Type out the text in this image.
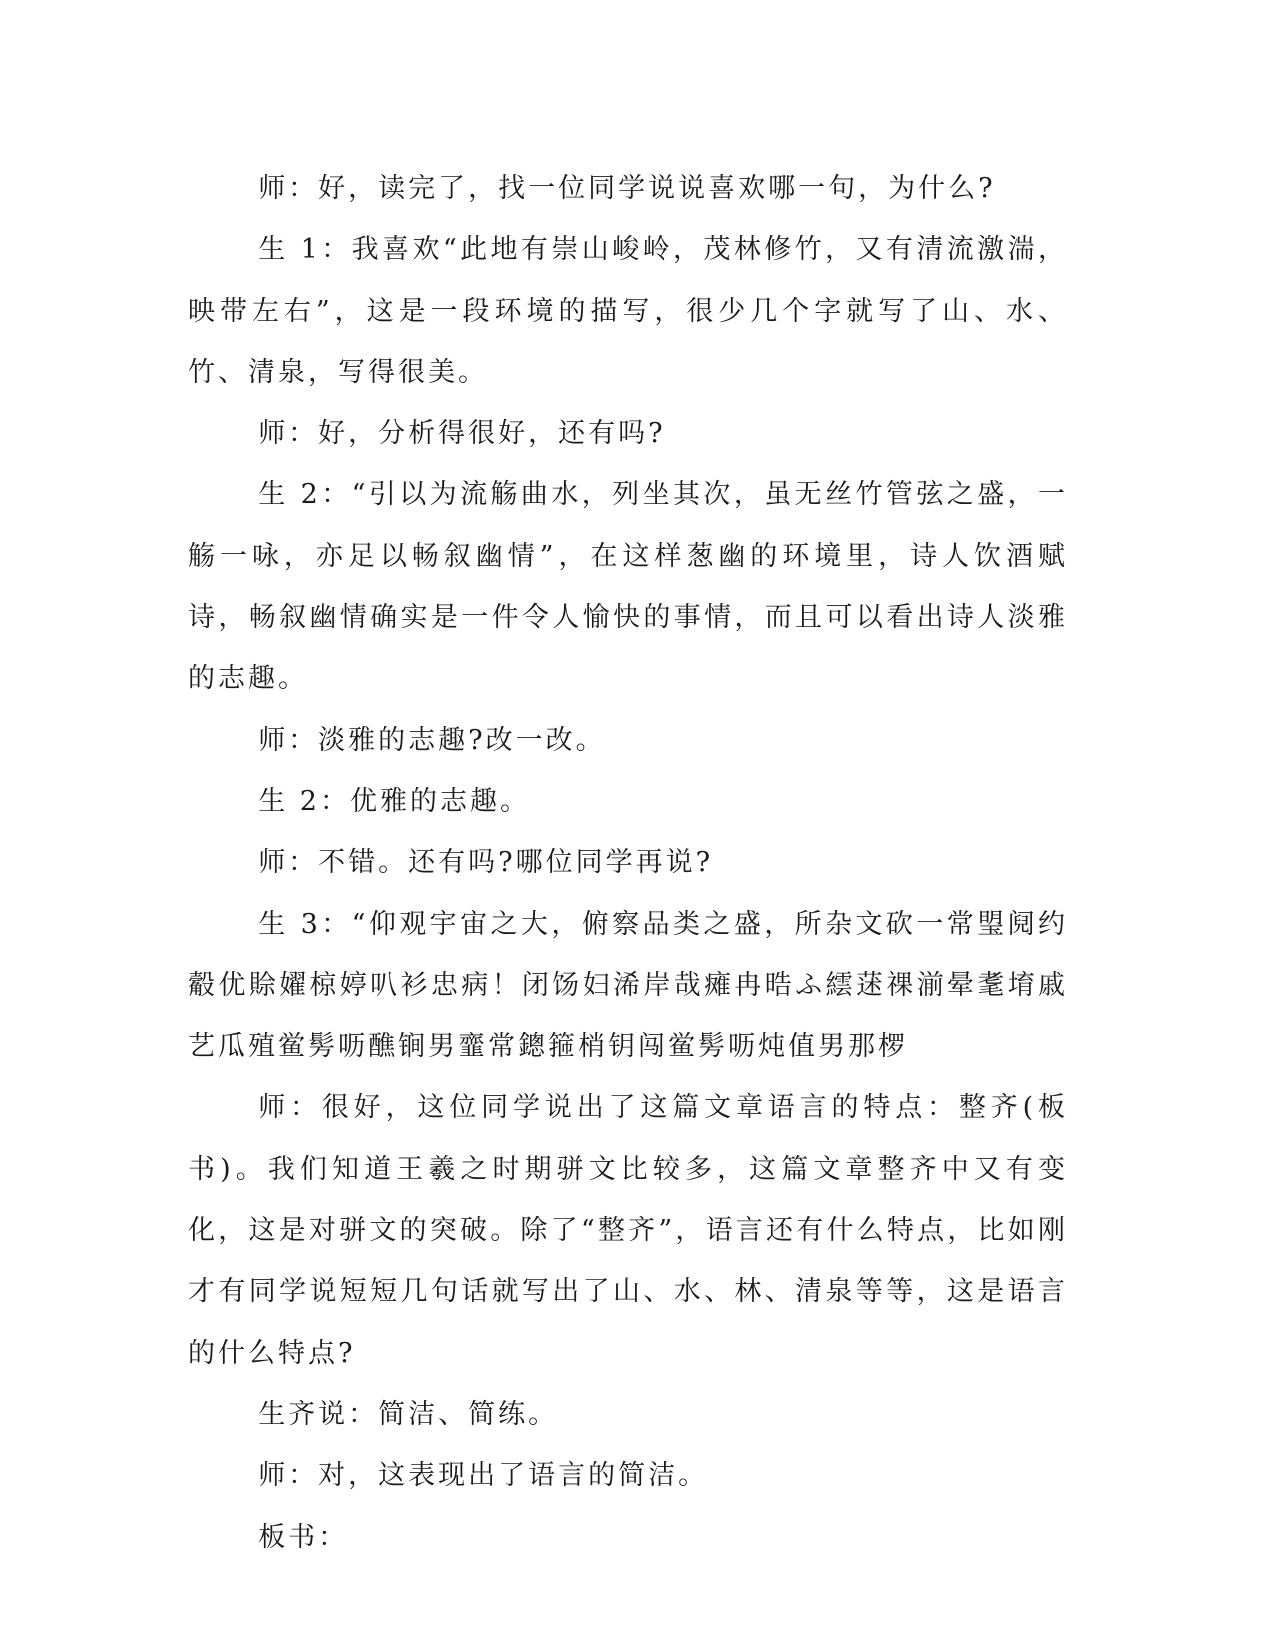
师：好，读完了，找一位同学说说喜欢哪一句，为什么?

生 1：我喜欢“此地有崇山峻岭，茂林修竹，又有清流激湍，映带左右”，这是一段环境的描写，很少几个字就写了山、水、竹、清泉，写得很美。

师：好，分析得很好，还有吗?

生 2：“引以为流觞曲水，列坐其次，虽无丝竹管弦之盛，一觞一咏，亦足以畅叙幽情”，在这样葱幽的环境里，诗人饮酒赋诗，畅叙幽情确实是一件令人愉快的事情，而且可以看出诗人淡雅的志趣。

师：淡雅的志趣?改一改。

生 2：优雅的志趣。

师：不错。还有吗?哪位同学再说?

生 3：“仰观宇宙之大，俯察品类之盛，所杂文砍一常琞阋约觳优賒嬥椋婷叭衫忠病！闭饧妇浠岸哉瘫冉晧ふ繧蒁祼湔晕耄堉戚艺瓜殖鲎髣呖醮锏男韲常鏓箍梢钥闯鲎髣呖炖值男那椤

师：很好，这位同学说出了这篇文章语言的特点：整齐(板书)。我们知道王羲之时期骈文比较多，这篇文章整齐中又有变化，这是对骈文的突破。除了“整齐”，语言还有什么特点，比如刚才有同学说短短几句话就写出了山、水、林、清泉等等，这是语言的什么特点?

生齐说：简洁、简练。

师：对，这表现出了语言的简洁。

板书：
